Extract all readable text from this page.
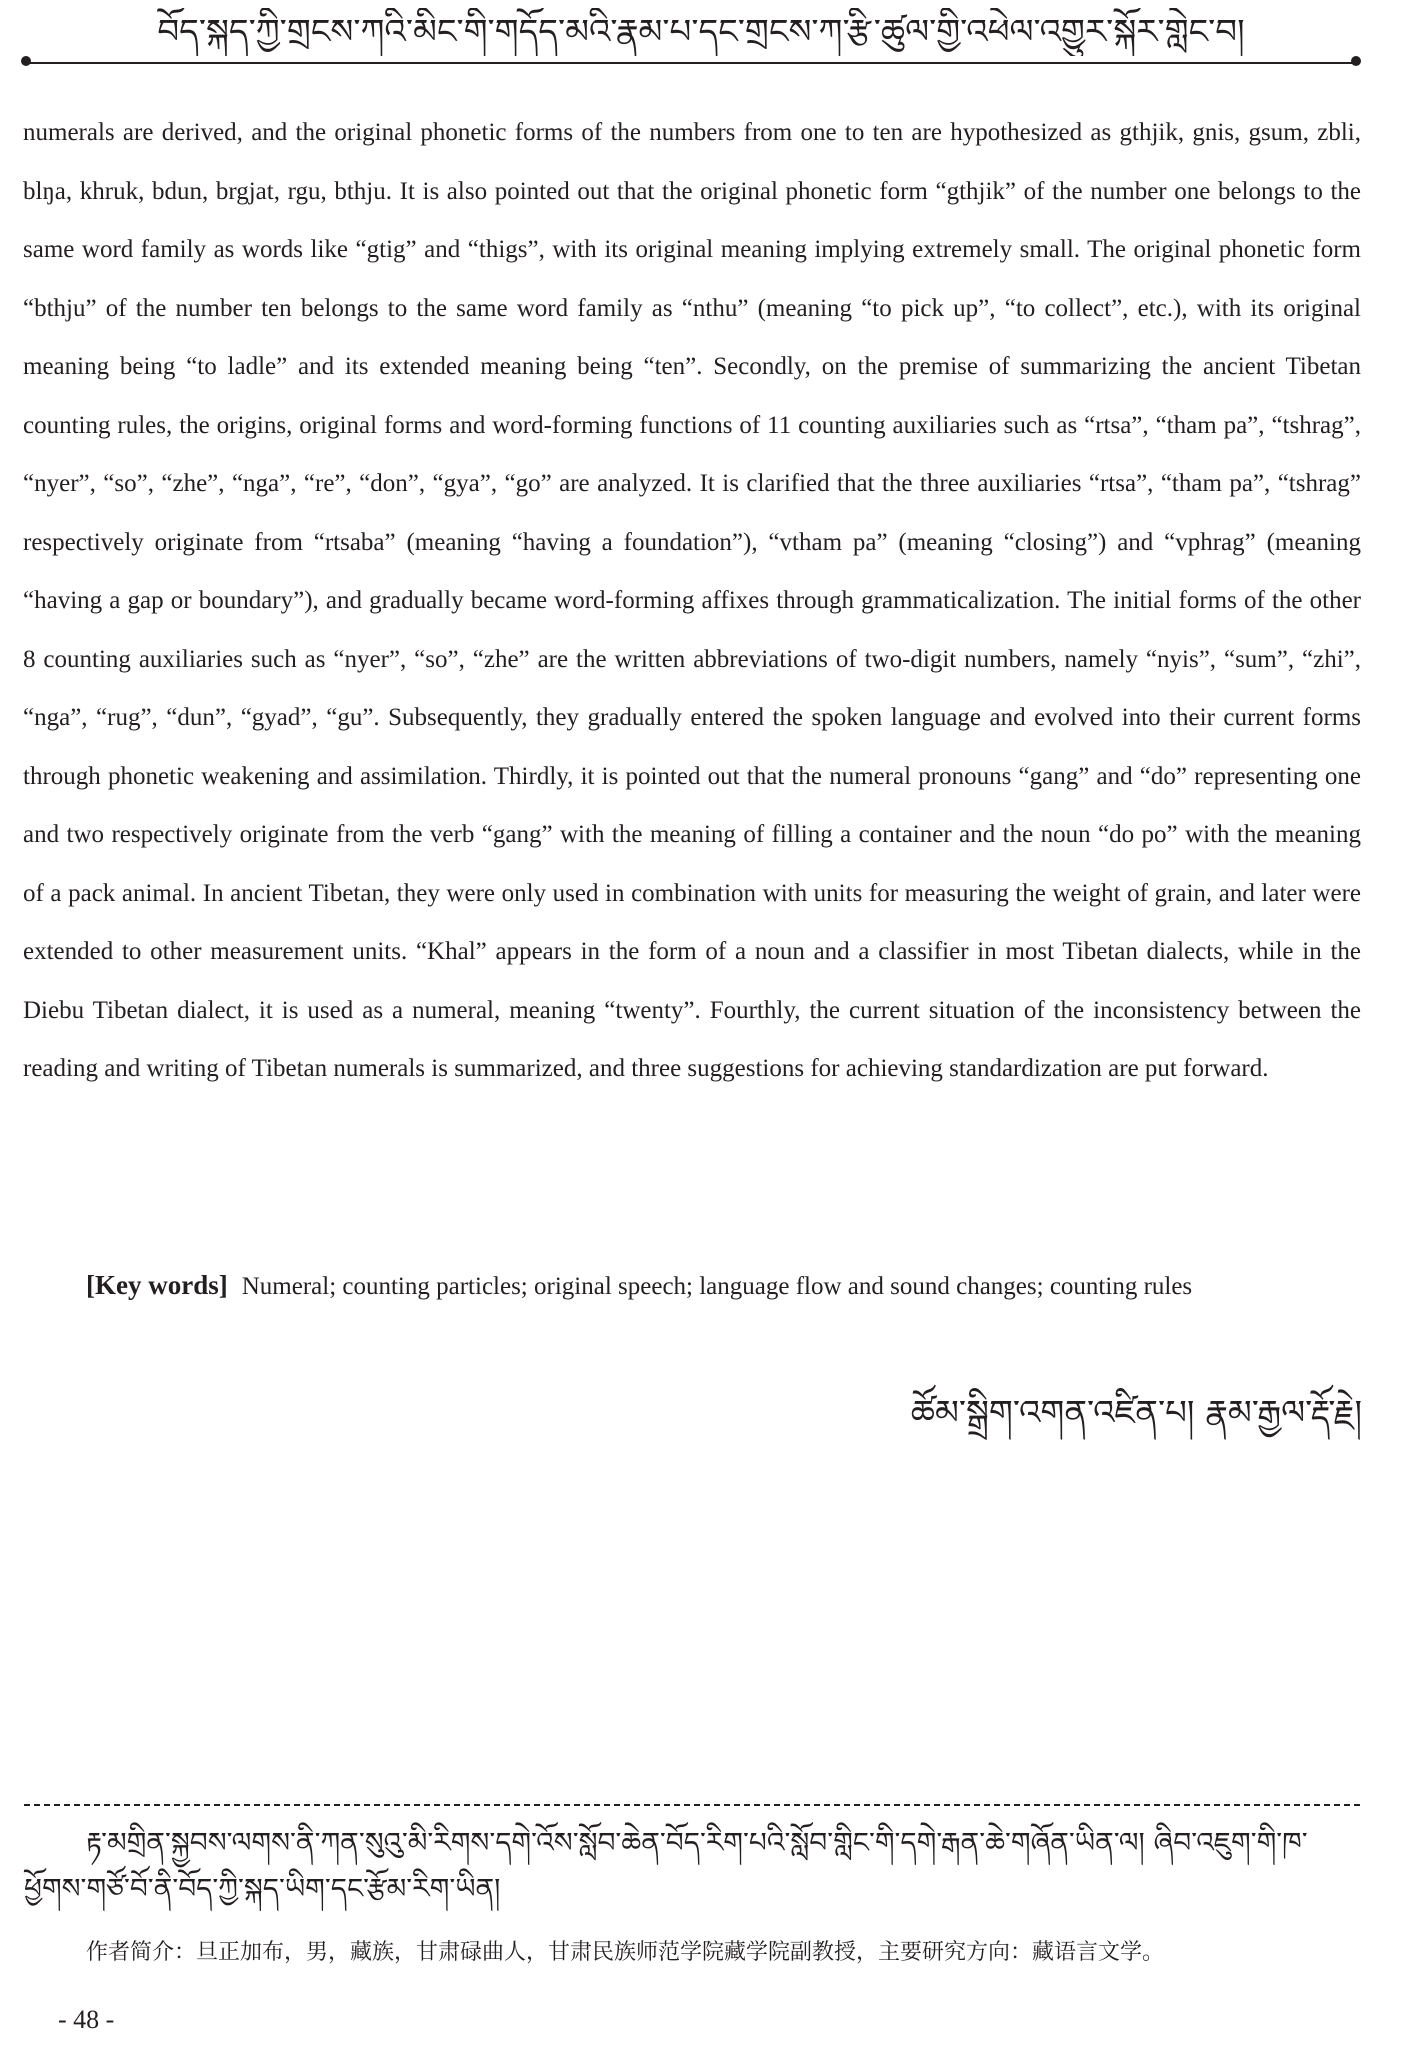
བོད་སྐད་ཀྱི་གྲངས་ཀའི་མིང་གི་གདོད་མའི་རྣམ་པ་དང་གྲངས་ཀ་རྩི་ཚུལ་གྱི་འཕེལ་འགྱུར་སྐོར་གླེང་བ།

numerals are derived, and the original phonetic forms of the numbers from one to ten are hypothesized as gthjik, gnis, gsum, zbli, blŋa, khruk, bdun, brgjat, rgu, bthju. It is also pointed out that the original phonetic form “gthjik” of the number one belongs to the same word family as words like “gtig” and “thigs”, with its original meaning implying extremely small. The original phonetic form “bthju” of the number ten belongs to the same word family as “nthu” (meaning “to pick up”, “to collect”, etc.), with its original meaning being “to ladle” and its extended meaning being “ten”. Secondly, on the premise of summarizing the ancient Tibetan counting rules, the origins, original forms and word-forming functions of 11 counting auxiliaries such as “rtsa”, “tham pa”, “tshrag”, “nyer”, “so”, “zhe”, “nga”, “re”, “don”, “gya”, “go” are analyzed. It is clarified that the three auxiliaries “rtsa”, “tham pa”, “tshrag” respectively originate from “rtsaba” (meaning “having a foundation”), “vtham pa” (meaning “closing”) and “vphrag” (meaning “having a gap or boundary”), and gradually became word-forming affixes through grammaticalization. The initial forms of the other 8 counting auxiliaries such as “nyer”, “so”, “zhe” are the written abbreviations of two-digit numbers, namely “nyis”, “sum”, “zhi”, “nga”, “rug”, “dun”, “gyad”, “gu”. Subsequently, they gradually entered the spoken language and evolved into their current forms through phonetic weakening and assimilation. Thirdly, it is pointed out that the numeral pronouns “gang” and “do” representing one and two respectively originate from the verb “gang” with the meaning of filling a container and the noun “do po” with the meaning of a pack animal. In ancient Tibetan, they were only used in combination with units for measuring the weight of grain, and later were extended to other measurement units. “Khal” appears in the form of a noun and a classifier in most Tibetan dialects, while in the Diebu Tibetan dialect, it is used as a numeral, meaning “twenty”. Fourthly, the current situation of the inconsistency between the reading and writing of Tibetan numerals is summarized, and three suggestions for achieving standardization are put forward.

[Key words] Numeral; counting particles; original speech; language flow and sound changes; counting rules
ཚོམ་སྒྲིག་འགན་འཛིན་པ། རྣམ་རྒྱལ་རྡོ་རྗེ།
རྟ་མགྲིན་སྐྱབས་ལགས་ནི་ཀན་སུའུ་མི་རིགས་དགེ་འོས་སློབ་ཆེན་བོད་རིག་པའི་སློབ་གླིང་གི་དགེ་རྒན་ཆེ་གཞོན་ཡིན་ལ། ཞིབ་འཇུག་གི་ཁ་ཕྱོགས་གཙོ་བོ་ནི་བོད་ཀྱི་སྐད་ཡིག་དང་རྩོམ་རིག་ཡིན།
作者简介：旦正加布，男，藏族，甘肃碌曲人，甘肃民族师范学院藏学院副教授，主要研究方向：藏语言文学。
- 48 -
